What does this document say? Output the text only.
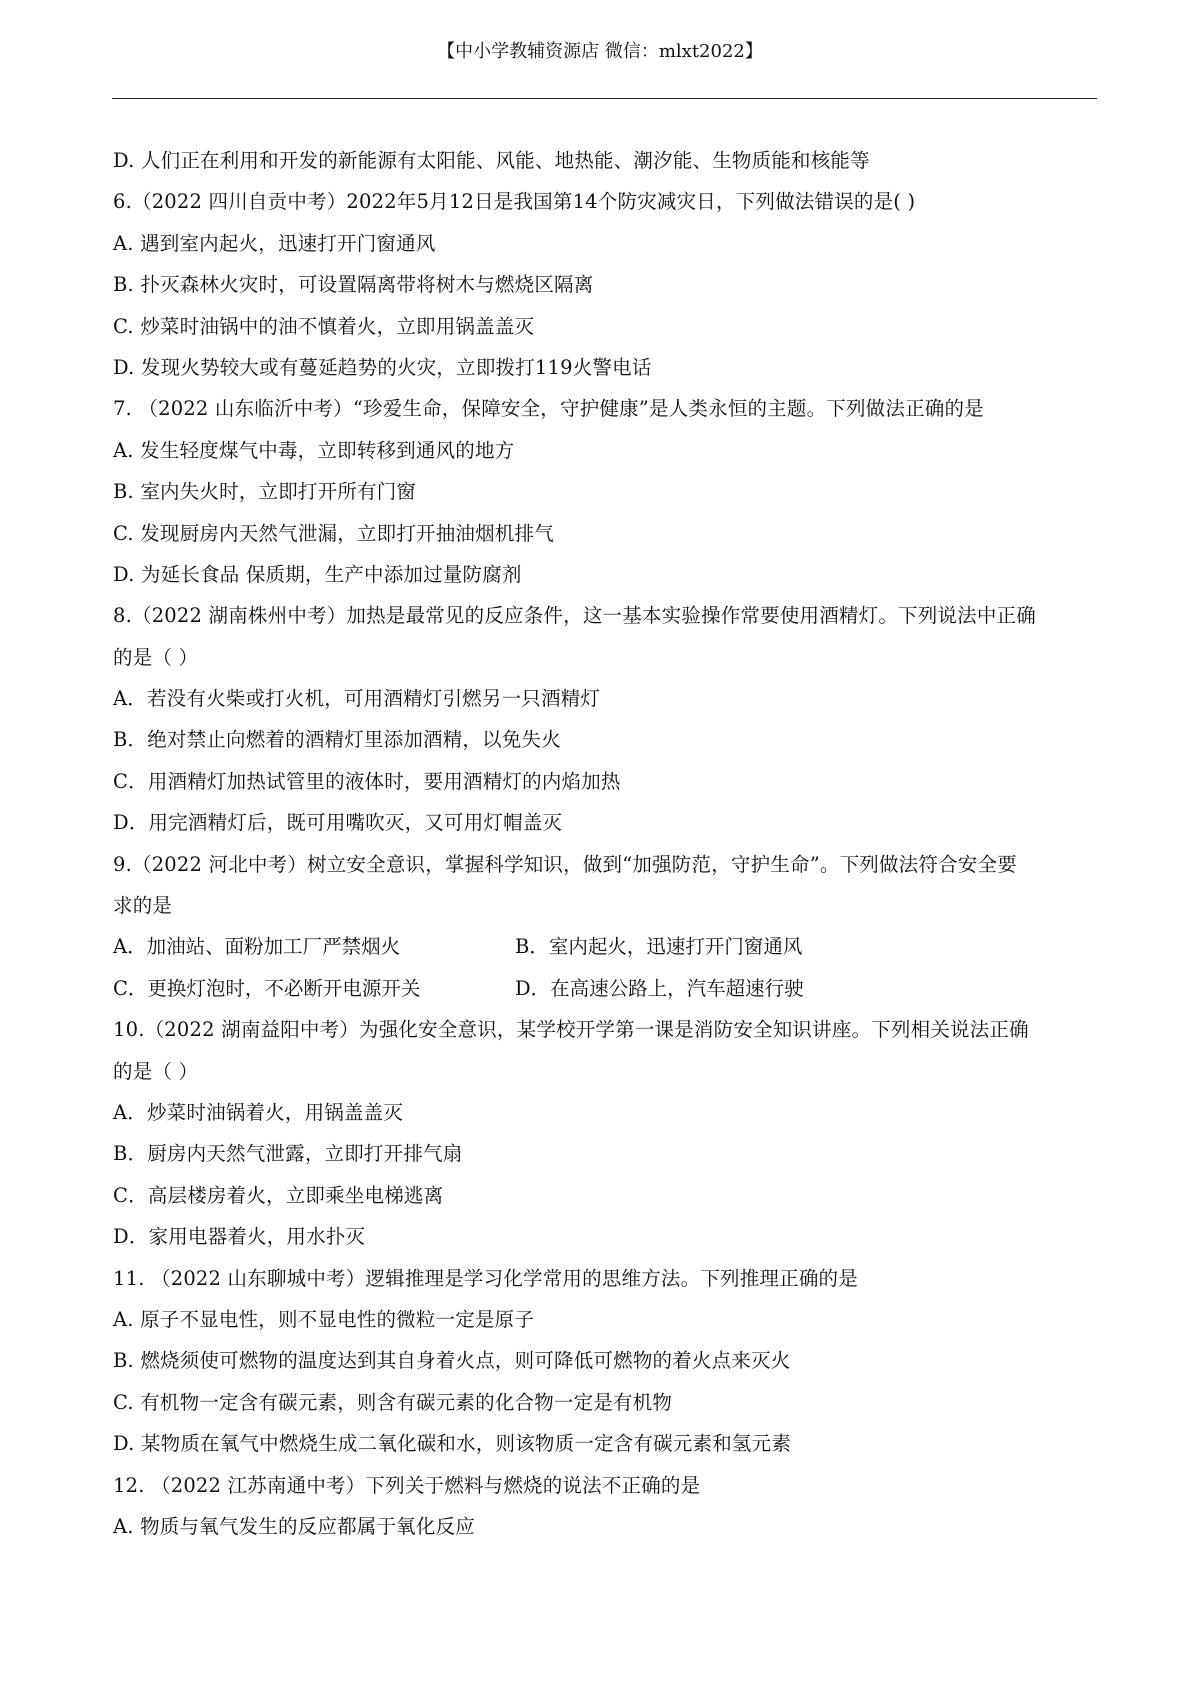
【中小学教辅资源店 微信：mlxt2022】
D. 人们正在利用和开发的新能源有太阳能、风能、地热能、潮汐能、生物质能和核能等
6.（2022 四川自贡中考）2022年5月12日是我国第14个防灾减灾日，下列做法错误的是( )
A. 遇到室内起火，迅速打开门窗通风
B. 扑灭森林火灾时，可设置隔离带将树木与燃烧区隔离
C. 炒菜时油锅中的油不慎着火，立即用锅盖盖灭
D. 发现火势较大或有蔓延趋势的火灾，立即拨打119火警电话
7. （2022 山东临沂中考）“珍爱生命，保障安全，守护健康”是人类永恒的主题。下列做法正确的是
A. 发生轻度煤气中毒，立即转移到通风的地方
B. 室内失火时，立即打开所有门窗
C. 发现厨房内天然气泄漏，立即打开抽油烟机排气
D. 为延长食品 保质期，生产中添加过量防腐剂
8.（2022 湖南株州中考）加热是最常见的反应条件，这一基本实验操作常要使用酒精灯。下列说法中正确
的是（ ）
A．若没有火柴或打火机，可用酒精灯引燃另一只酒精灯
B．绝对禁止向燃着的酒精灯里添加酒精，以免失火
C．用酒精灯加热试管里的液体时，要用酒精灯的内焰加热
D．用完酒精灯后，既可用嘴吹灭，又可用灯帽盖灭
9.（2022 河北中考）树立安全意识，掌握科学知识，做到“加强防范，守护生命”。下列做法符合安全要
求的是
A．加油站、面粉加工厂严禁烟火	B．室内起火，迅速打开门窗通风
C．更换灯泡时，不必断开电源开关	D．在高速公路上，汽车超速行驶
10.（2022 湖南益阳中考）为强化安全意识，某学校开学第一课是消防安全知识讲座。下列相关说法正确
的是（ ）
A．炒菜时油锅着火，用锅盖盖灭
B．厨房内天然气泄露，立即打开排气扇
C．高层楼房着火，立即乘坐电梯逃离
D．家用电器着火，用水扑灭
11. （2022 山东聊城中考）逻辑推理是学习化学常用的思维方法。下列推理正确的是
A. 原子不显电性，则不显电性的微粒一定是原子
B. 燃烧须使可燃物的温度达到其自身着火点，则可降低可燃物的着火点来灭火
C. 有机物一定含有碳元素，则含有碳元素的化合物一定是有机物
D. 某物质在氧气中燃烧生成二氧化碳和水，则该物质一定含有碳元素和氢元素
12. （2022 江苏南通中考）下列关于燃料与燃烧的说法不正确的是
A. 物质与氧气发生的反应都属于氧化反应
